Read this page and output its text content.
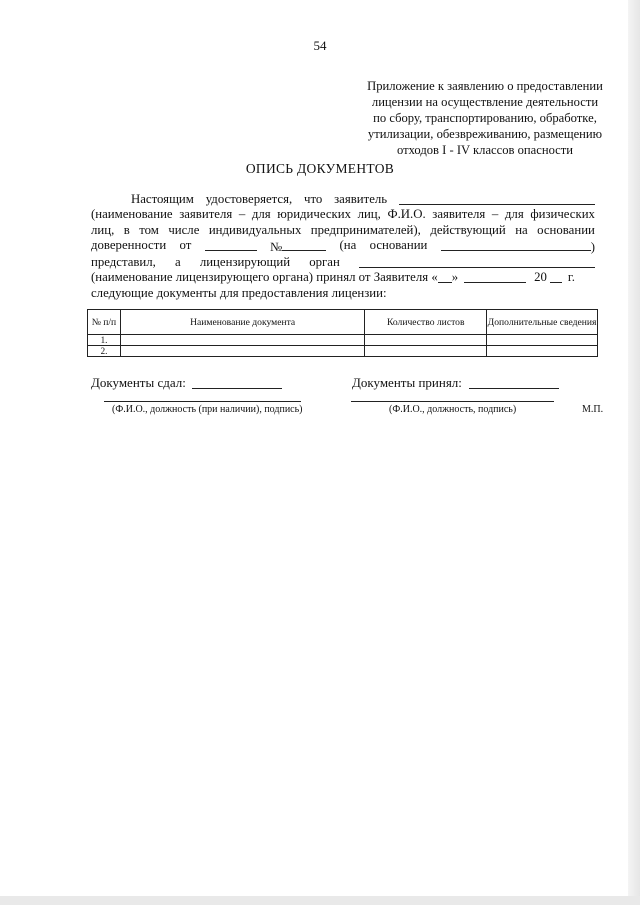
54
Приложение к заявлению о предоставлении
лицензии на осуществление деятельности
по сбору, транспортированию, обработке,
утилизации, обезвреживанию, размещению
отходов I - IV классов опасности
ОПИСЬ ДОКУМЕНТОВ
Настоящим удостоверяется, что заявитель
(наименование заявителя – для юридических лиц, Ф.И.О. заявителя – для физических
лиц, в том числе индивидуальных предпринимателей), действующий на основании
доверенности от	№	(на основании	)
представил, а лицензирующий орган
(наименование лицензирующего органа) принял от Заявителя « »	20 г.
следующие документы для предоставления лицензии:
№ п/п	Наименование документа	Количество листов	Дополнительные сведения
1.			
2.			
Документы сдал:	Документы принял:
(Ф.И.О., должность (при наличии), подпись)	(Ф.И.О., должность, подпись)	М.П.
